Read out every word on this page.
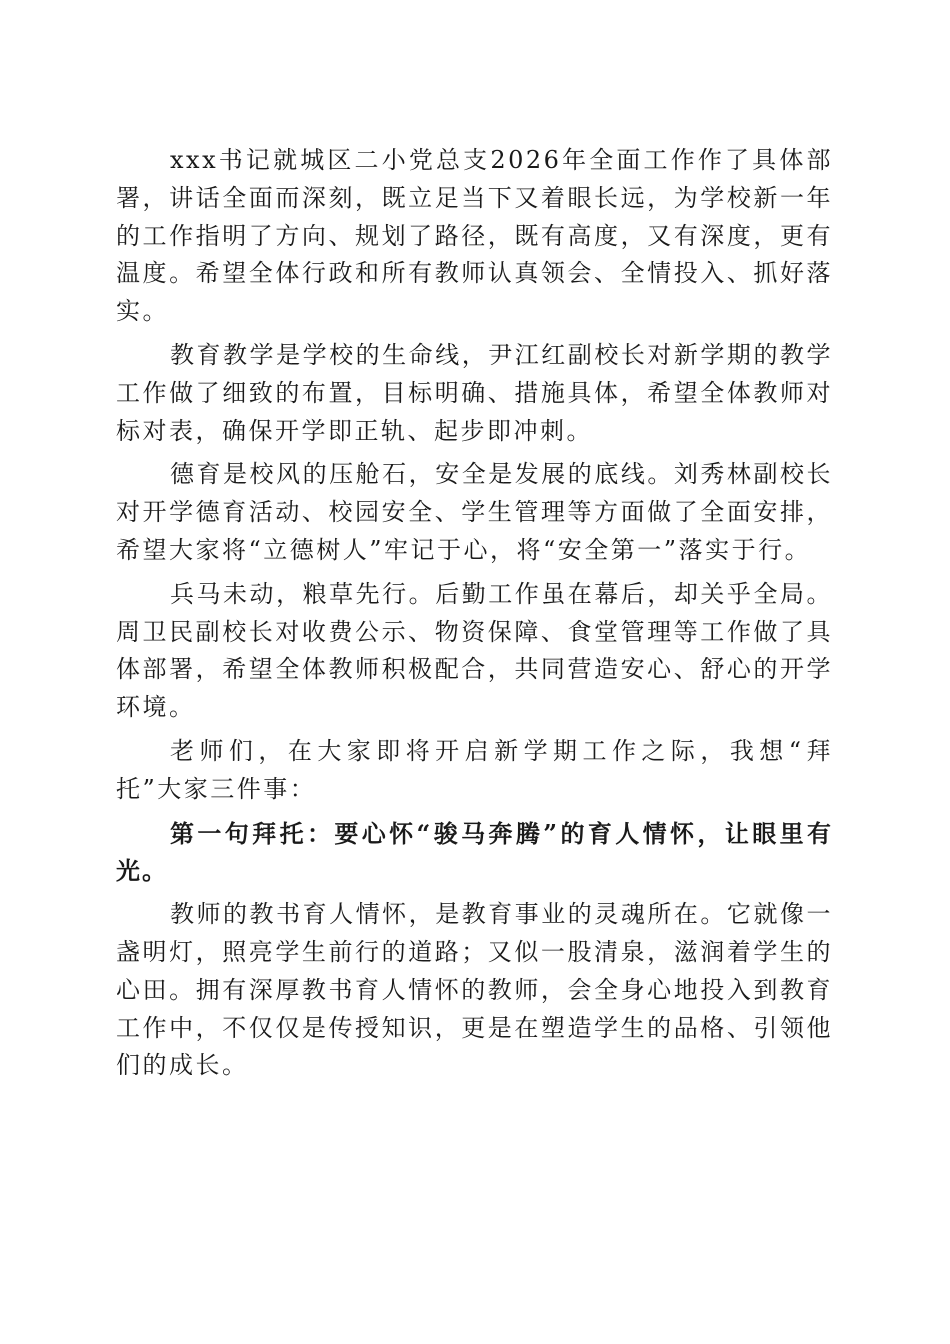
xxx书记就城区二小党总支2026年全面工作作了具体部署，讲话全面而深刻，既立足当下又着眼长远，为学校新一年的工作指明了方向、规划了路径，既有高度，又有深度，更有温度。希望全体行政和所有教师认真领会、全情投入、抓好落实。

教育教学是学校的生命线，尹江红副校长对新学期的教学工作做了细致的布置，目标明确、措施具体，希望全体教师对标对表，确保开学即正轨、起步即冲刺。

德育是校风的压舱石，安全是发展的底线。刘秀林副校长对开学德育活动、校园安全、学生管理等方面做了全面安排，希望大家将“立德树人”牢记于心，将“安全第一”落实于行。

兵马未动，粮草先行。后勤工作虽在幕后，却关乎全局。周卫民副校长对收费公示、物资保障、食堂管理等工作做了具体部署，希望全体教师积极配合，共同营造安心、舒心的开学环境。

老师们，在大家即将开启新学期工作之际，我想“拜托”大家三件事：

第一句拜托：要心怀“骏马奔腾”的育人情怀，让眼里有光。

教师的教书育人情怀，是教育事业的灵魂所在。它就像一盏明灯，照亮学生前行的道路；又似一股清泉，滋润着学生的心田。拥有深厚教书育人情怀的教师，会全身心地投入到教育工作中，不仅仅是传授知识，更是在塑造学生的品格、引领他们的成长。
